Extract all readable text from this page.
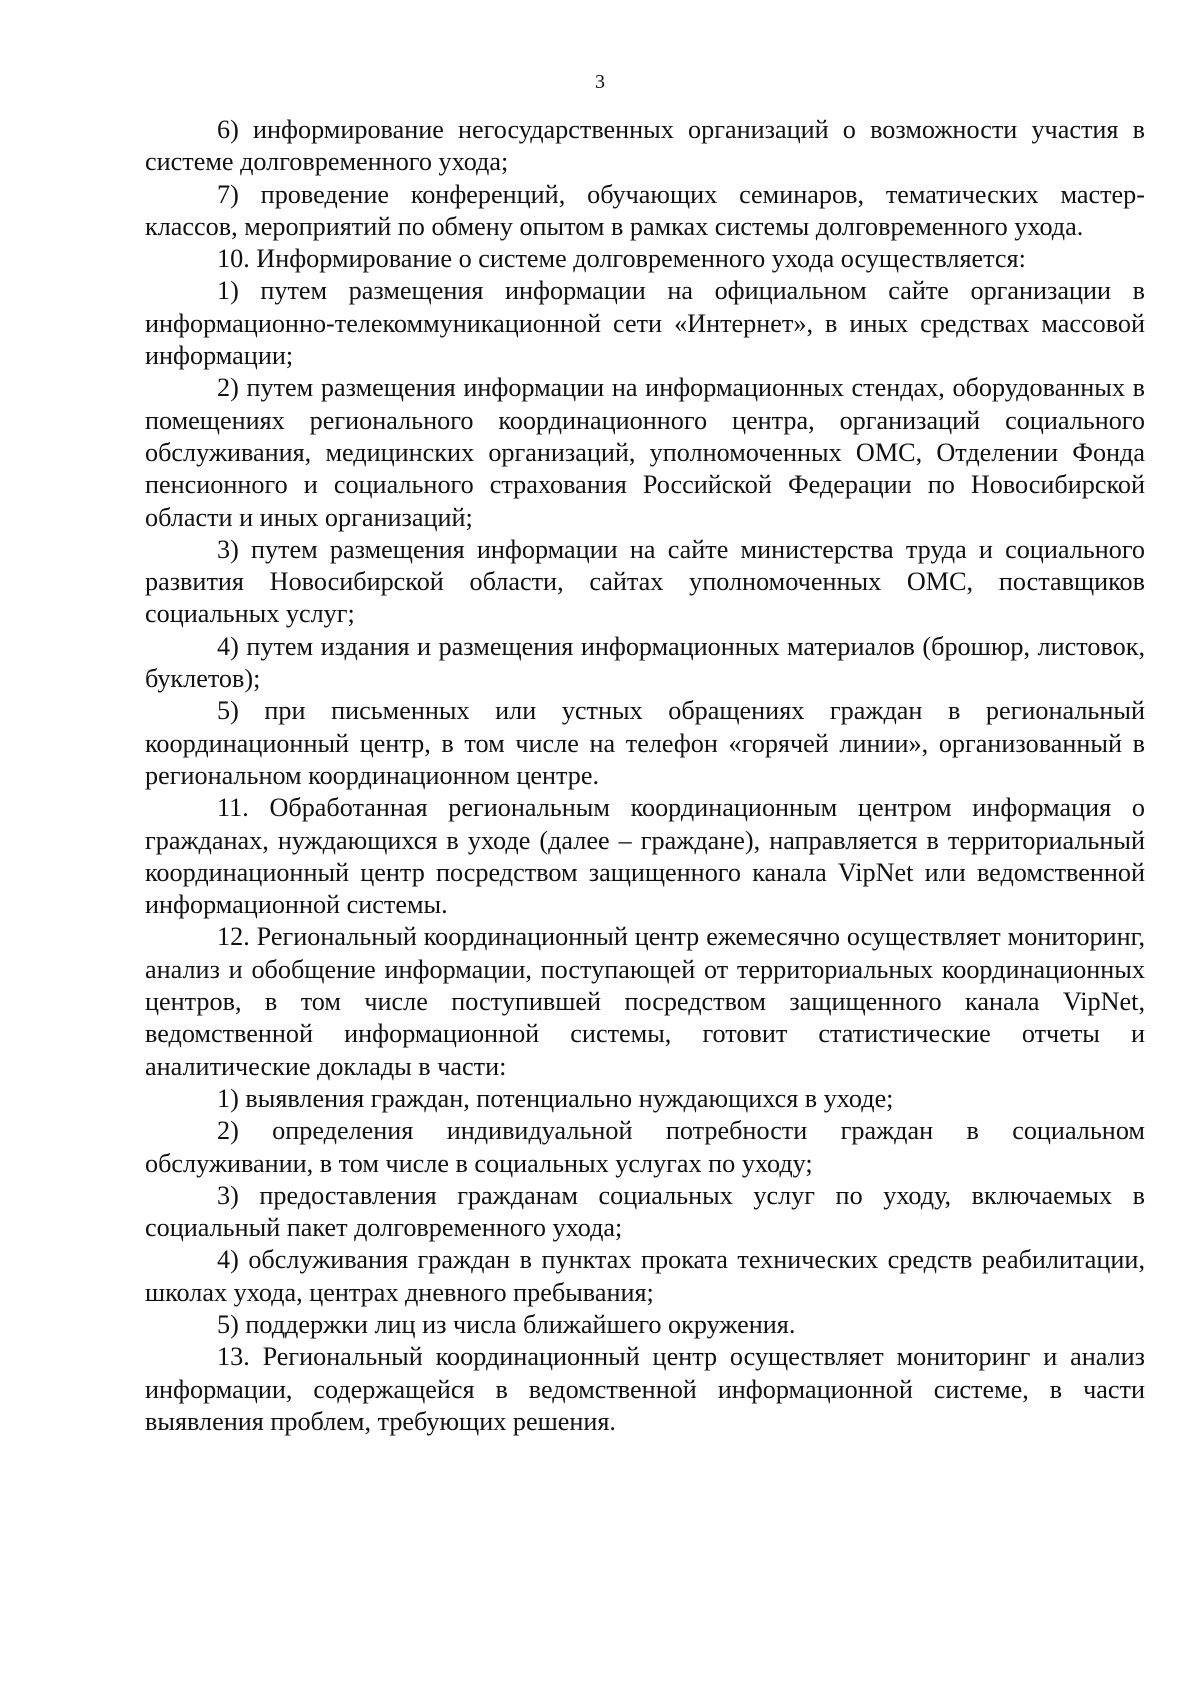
3

6) информирование негосударственных организаций о возможности участия в системе долговременного ухода;

7) проведение конференций, обучающих семинаров, тематических мастер-классов, мероприятий по обмену опытом в рамках системы долговременного ухода.

10. Информирование о системе долговременного ухода осуществляется:

1) путем размещения информации на официальном сайте организации в информационно-телекоммуникационной сети «Интернет», в иных средствах массовой информации;

2) путем размещения информации на информационных стендах, оборудованных в помещениях регионального координационного центра, организаций социального обслуживания, медицинских организаций, уполномоченных ОМС, Отделении Фонда пенсионного и социального страхования Российской Федерации по Новосибирской области и иных организаций;

3) путем размещения информации на сайте министерства труда и социального развития Новосибирской области, сайтах уполномоченных ОМС, поставщиков социальных услуг;

4) путем издания и размещения информационных материалов (брошюр, листовок, буклетов);

5) при письменных или устных обращениях граждан в региональный координационный центр, в том числе на телефон «горячей линии», организованный в региональном координационном центре.

11. Обработанная региональным координационным центром информация о гражданах, нуждающихся в уходе (далее – граждане), направляется в территориальный координационный центр посредством защищенного канала VipNet или ведомственной информационной системы.

12. Региональный координационный центр ежемесячно осуществляет мониторинг, анализ и обобщение информации, поступающей от территориальных координационных центров, в том числе поступившей посредством защищенного канала VipNet, ведомственной информационной системы, готовит статистические отчеты и аналитические доклады в части:

1) выявления граждан, потенциально нуждающихся в уходе;

2) определения индивидуальной потребности граждан в социальном обслуживании, в том числе в социальных услугах по уходу;

3) предоставления гражданам социальных услуг по уходу, включаемых в социальный пакет долговременного ухода;

4) обслуживания граждан в пунктах проката технических средств реабилитации, школах ухода, центрах дневного пребывания;

5) поддержки лиц из числа ближайшего окружения.

13. Региональный координационный центр осуществляет мониторинг и анализ информации, содержащейся в ведомственной информационной системе, в части выявления проблем, требующих решения.
